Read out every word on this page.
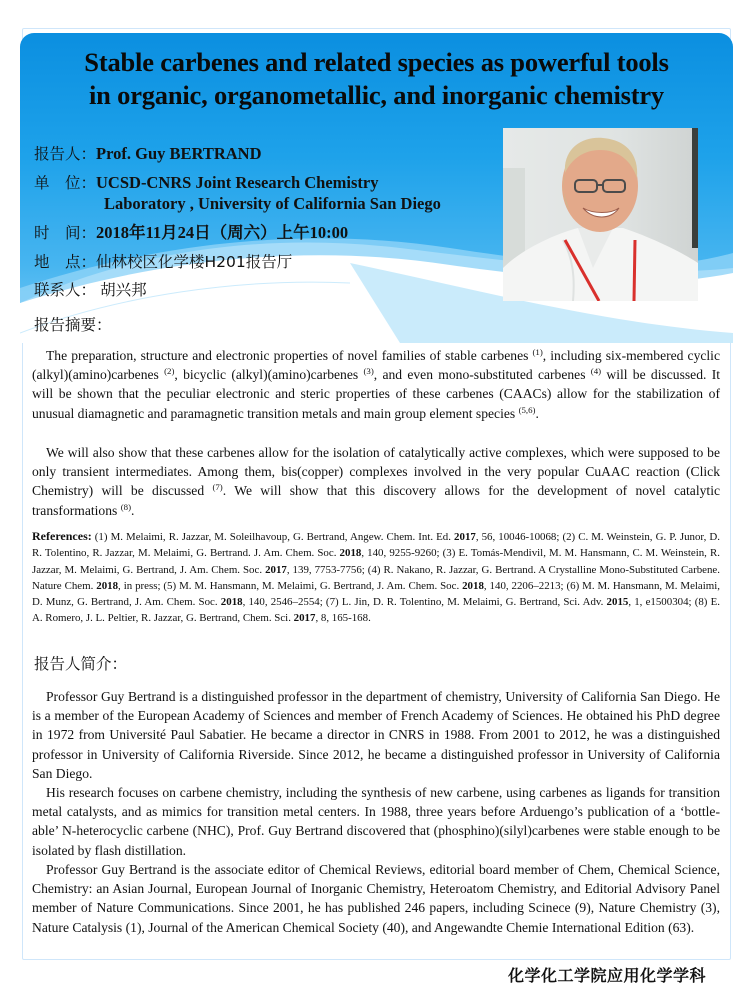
Stable carbenes and related species as powerful tools
in organic, organometallic, and inorganic chemistry
报告人：Prof. Guy BERTRAND
单　位：UCSD-CNRS Joint Research Chemistry
Laboratory , University of California San Diego
时　间：2018年11月24日（周六）上午10:00
地　点：仙林校区化学楼H201报告厅
联系人： 胡兴邦
报告摘要：
The preparation, structure and electronic properties of novel families of stable carbenes $^{(1)}$, including six-membered cyclic (alkyl)(amino)carbenes $^{(2)}$, bicyclic (alkyl)(amino)carbenes $^{(3)}$, and even mono-substituted carbenes $^{(4)}$ will be discussed. It will be shown that the peculiar electronic and steric properties of these carbenes (CAACs) allow for the stabilization of unusual diamagnetic and paramagnetic transition metals and main group element species $^{(5,6)}$.
We will also show that these carbenes allow for the isolation of catalytically active complexes, which were supposed to be only transient intermediates. Among them, bis(copper) complexes involved in the very popular CuAAC reaction (Click Chemistry) will be discussed $^{(7)}$. We will show that this discovery allows for the development of novel catalytic transformations $^{(8)}$.
References: (1) M. Melaimi, R. Jazzar, M. Soleilhavoup, G. Bertrand, Angew. Chem. Int. Ed. 2017, 56, 10046-10068; (2) C. M. Weinstein, G. P. Junor, D. R. Tolentino, R. Jazzar, M. Melaimi, G. Bertrand. J. Am. Chem. Soc. 2018, 140, 9255-9260; (3) E. Tomás-Mendivil, M. M. Hansmann, C. M. Weinstein, R. Jazzar, M. Melaimi, G. Bertrand, J. Am. Chem. Soc. 2017, 139, 7753-7756; (4) R. Nakano, R. Jazzar, G. Bertrand. A Crystalline Mono-Substituted Carbene. Nature Chem. 2018, in press; (5) M. M. Hansmann, M. Melaimi, G. Bertrand, J. Am. Chem. Soc. 2018, 140, 2206–2213; (6) M. M. Hansmann, M. Melaimi, D. Munz, G. Bertrand, J. Am. Chem. Soc. 2018, 140, 2546–2554; (7) L. Jin, D. R. Tolentino, M. Melaimi, G. Bertrand, Sci. Adv. 2015, 1, e1500304; (8) E. A. Romero, J. L. Peltier, R. Jazzar, G. Bertrand, Chem. Sci. 2017, 8, 165-168.
报告人简介：
Professor Guy Bertrand is a distinguished professor in the department of chemistry, University of California San Diego. He is a member of the European Academy of Sciences and member of French Academy of Sciences. He obtained his PhD degree in 1972 from Université Paul Sabatier. He became a director in CNRS in 1988. From 2001 to 2012, he was a distinguished professor in University of California Riverside. Since 2012, he became a distinguished professor in University of California San Diego.
His research focuses on carbene chemistry, including the synthesis of new carbene, using carbenes as ligands for transition metal catalysts, and as mimics for transition metal centers. In 1988, three years before Arduengo’s publication of a ‘bottle-able’ N-heterocyclic carbene (NHC), Prof. Guy Bertrand discovered that (phosphino)(silyl)carbenes were stable enough to be isolated by flash distillation.
Professor Guy Bertrand is the associate editor of Chemical Reviews, editorial board member of Chem, Chemical Science, Chemistry: an Asian Journal, European Journal of Inorganic Chemistry, Heteroatom Chemistry, and Editorial Advisory Panel member of Nature Communications. Since 2001, he has published 246 papers, including Scinece (9), Nature Chemistry (3), Nature Catalysis (1), Journal of the American Chemical Society (40), and Angewandte Chemie International Edition (63).
化学化工学院应用化学学科
